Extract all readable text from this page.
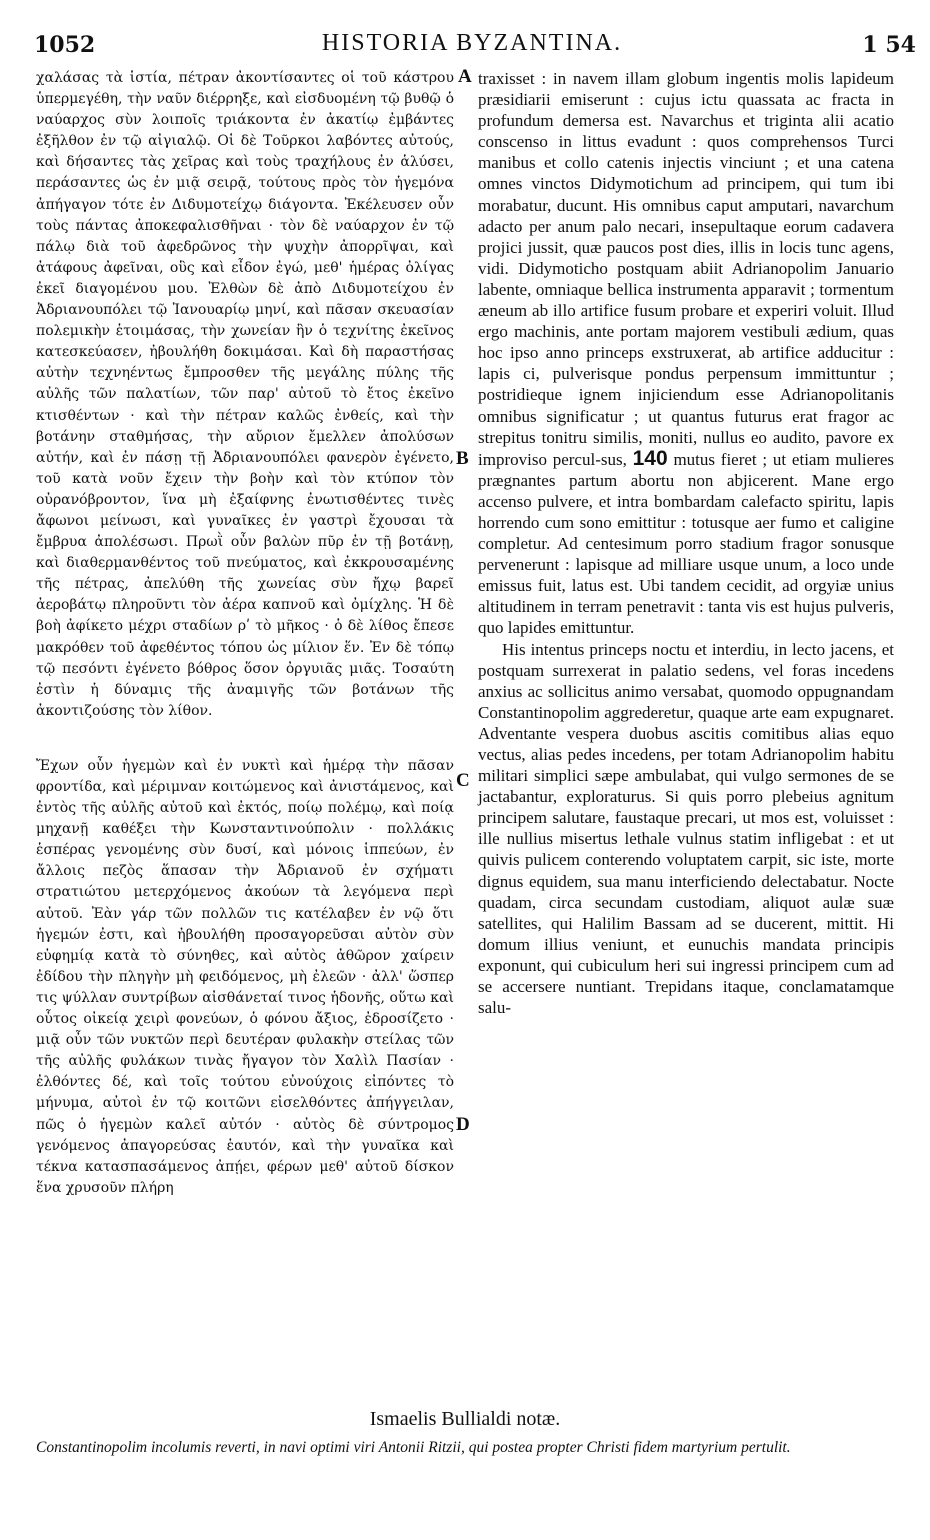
1052	HISTORIA BYZANTINA.	1 54

χαλάσας τὰ ἱστία, πέτραν ἀκοντίσαντες οἱ τοῦ κάστρου ὑπερμεγέθη, τὴν ναῦν διέρρηξε, καὶ εἰσδυομένη τῷ βυθῷ ὁ ναύαρχος σὺν λοιποῖς τριάκοντα ἐν ἀκατίῳ ἐμβάντες ἐξῆλθον ἐν τῷ αἰγιαλῷ. Οἱ δὲ Τοῦρκοι λαβόντες αὐτούς, καὶ δήσαντες τὰς χεῖρας καὶ τοὺς τραχήλους ἐν ἁλύσει, περάσαντες ὡς ἐν μιᾷ σειρᾷ, τούτους πρὸς τὸν ἡγεμόνα ἀπήγαγον τότε ἐν Διδυμοτείχῳ διάγοντα. Ἐκέλευσεν οὖν τοὺς πάντας ἀποκεφαλισθῆναι · τὸν δὲ ναύαρχον ἐν τῷ πάλῳ διὰ τοῦ ἀφεδρῶνος τὴν ψυχὴν ἀπορρῖψαι, καὶ ἀτάφους ἀφεῖναι, οὓς καὶ εἶδον ἐγώ, μεθ' ἡμέρας ὀλίγας ἐκεῖ διαγομένου μου. Ἐλθὼν δὲ ἀπὸ Διδυμοτείχου ἐν Ἀδριανουπόλει τῷ Ἰανουαρίῳ μηνί, καὶ πᾶσαν σκευασίαν πολεμικὴν ἑτοιμάσας, τὴν χωνείαν ἣν ὁ τεχνίτης ἐκεῖνος κατεσκεύασεν, ἠβουλήθη δοκιμάσαι. Καὶ δὴ παραστήσας αὐτὴν τεχνηέντως ἔμπροσθεν τῆς μεγάλης πύλης τῆς αὐλῆς τῶν παλατίων, τῶν παρ' αὐτοῦ τὸ ἔτος ἐκεῖνο κτισθέντων · καὶ τὴν πέτραν καλῶς ἐνθείς, καὶ τὴν βοτάνην σταθμήσας, τὴν αὔριον ἔμελλεν ἀπολύσων αὐτήν, καὶ ἐν πάσῃ τῇ Ἀδριανουπόλει φανερὸν ἐγένετο, τοῦ κατὰ νοῦν ἔχειν τὴν βοὴν καὶ τὸν κτύπον τὸν οὐρανόβροντον, ἵνα μὴ ἐξαίφνης ἐνωτισθέντες τινὲς ἄφωνοι μείνωσι, καὶ γυναῖκες ἐν γαστρὶ ἔχουσαι τὰ ἔμβρυα ἀπολέσωσι. Πρωῒ οὖν βαλὼν πῦρ ἐν τῇ βοτάνῃ, καὶ διαθερμανθέντος τοῦ πνεύματος, καὶ ἐκκρουσαμένης τῆς πέτρας, ἀπελύθη τῆς χωνείας σὺν ἤχῳ βαρεῖ ἀεροβάτῳ πληροῦντι τὸν ἀέρα καπνοῦ καὶ ὀμίχλης. Ἡ δὲ βοὴ ἀφίκετο μέχρι σταδίων ρʹ τὸ μῆκος · ὁ δὲ λίθος ἔπεσε μακρόθεν τοῦ ἀφεθέντος τόπου ὡς μίλιον ἕν. Ἐν δὲ τόπῳ τῷ πεσόντι ἐγένετο βόθρος ὅσον ὀργυιᾶς μιᾶς. Τοσαύτη ἐστὶν ἡ δύναμις τῆς ἀναμιγῆς τῶν βοτάνων τῆς ἀκοντιζούσης τὸν λίθον.

Ἔχων οὖν ἡγεμὼν καὶ ἐν νυκτὶ καὶ ἡμέρᾳ τὴν πᾶσαν φροντίδα, καὶ μέριμναν κοιτώμενος καὶ ἀνιστάμενος, καὶ ἐντὸς τῆς αὐλῆς αὐτοῦ καὶ ἐκτός, ποίῳ πολέμῳ, καὶ ποίᾳ μηχανῇ καθέξει τὴν Κωνσταντινούπολιν · πολλάκις ἑσπέρας γενομένης σὺν δυσί, καὶ μόνοις ἱππεύων, ἐν ἄλλοις πεζὸς ἅπασαν τὴν Ἀδριανοῦ ἐν σχήματι στρατιώτου μετερχόμενος ἀκούων τὰ λεγόμενα περὶ αὐτοῦ. Ἐὰν γάρ τῶν πολλῶν τις κατέλαβεν ἐν νῷ ὅτι ἡγεμών ἐστι, καὶ ἠβουλήθη προσαγορεῦσαι αὐτὸν σὺν εὐφημίᾳ κατὰ τὸ σύνηθες, καὶ αὐτὸς ἀθῶρον χαίρειν ἐδίδου τὴν πληγὴν μὴ φειδόμενος, μὴ ἐλεῶν · ἀλλ' ὥσπερ τις ψύλλαν συντρίβων αἰσθάνεταί τινος ἡδονῆς, οὕτω καὶ οὗτος οἰκείᾳ χειρὶ φονεύων, ὁ φόνου ἄξιος, ἐδροσίζετο · μιᾷ οὖν τῶν νυκτῶν περὶ δευτέραν φυλακὴν στείλας τῶν τῆς αὐλῆς φυλάκων τινὰς ἤγαγον τὸν Χαλὶλ Πασίαν · ἐλθόντες δέ, καὶ τοῖς τούτου εὐνούχοις εἰπόντες τὸ μήνυμα, αὐτοὶ ἐν τῷ κοιτῶνι εἰσελθόντες ἀπήγγειλαν, πῶς ὁ ἡγεμὼν καλεῖ αὐτόν · αὐτὸς δὲ σύντρομος γενόμενος ἀπαγορεύσας ἑαυτόν, καὶ τὴν γυναῖκα καὶ τέκνα κατασπασάμενος ἀπῄει, φέρων μεθ' αὐτοῦ δίσκον ἕνα χρυσοῦν πλήρη

A
B
C
D

traxisset : in navem illam globum ingentis molis lapideum præsidiarii emiserunt : cujus ictu quassata ac fracta in profundum demersa est. Navarchus et triginta alii acatio conscenso in littus evadunt : quos comprehensos Turci manibus et collo catenis injectis vinciunt ; et una catena omnes vinctos Didymotichum ad principem, qui tum ibi morabatur, ducunt. His omnibus caput amputari, navarchum adacto per anum palo necari, insepultaque eorum cadavera projici jussit, quæ paucos post dies, illis in locis tunc agens, vidi. Didymoticho postquam abiit Adrianopolim Januario labente, omniaque bellica instrumenta apparavit ; tormentum æneum ab illo artifice fusum probare et experiri voluit. Illud ergo machinis, ante portam majorem vestibuli ædium, quas hoc ipso anno princeps exstruxerat, ab artifice adducitur : lapis ci, pulverisque pondus perpensum immittuntur ; postridieque ignem injiciendum esse Adrianopolitanis omnibus significatur ; ut quantus futurus erat fragor ac strepitus tonitru similis, moniti, nullus eo audito, pavore ex improviso percul-sus, 140 mutus fieret ; ut etiam mulieres prægnantes partum abortu non abjicerent. Mane ergo accenso pulvere, et intra bombardam calefacto spiritu, lapis horrendo cum sono emittitur : totusque aer fumo et caligine completur. Ad centesimum porro stadium fragor sonusque pervenerunt : lapisque ad milliare usque unum, a loco unde emissus fuit, latus est. Ubi tandem cecidit, ad orgyiæ unius altitudinem in terram penetravit : tanta vis est hujus pulveris, quo lapides emittuntur.

His intentus princeps noctu et interdiu, in lecto jacens, et postquam surrexerat in palatio sedens, vel foras incedens anxius ac sollicitus animo versabat, quomodo oppugnandam Constantinopolim aggrederetur, quaque arte eam expugnaret. Adventante vespera duobus ascitis comitibus alias equo vectus, alias pedes incedens, per totam Adrianopolim habitu militari simplici sæpe ambulabat, qui vulgo sermones de se jactabantur, exploraturus. Si quis porro plebeius agnitum principem salutare, faustaque precari, ut mos est, voluisset : ille nullius misertus lethale vulnus statim infligebat : et ut quivis pulicem conterendo voluptatem carpit, sic iste, morte dignus equidem, sua manu interficiendo delectabatur. Nocte quadam, circa secundam custodiam, aliquot aulæ suæ satellites, qui Halilim Bassam ad se ducerent, mittit. Hi domum illius veniunt, et eunuchis mandata principis exponunt, qui cubiculum heri sui ingressi principem cum ad se accersere nuntiant. Trepidans itaque, conclamatamque salu-

Ismaelis Bullialdi notæ.
Constantinopolim incolumis reverti, in navi optimi viri Antonii Ritzii, qui postea propter Christi fidem martyrium pertulit.
